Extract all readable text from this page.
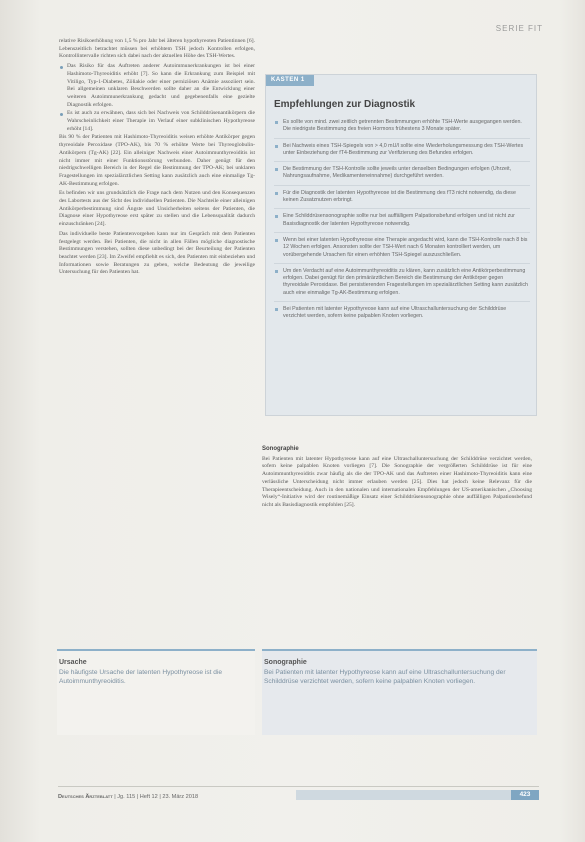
SERIE FIT

relative Risikoerhöhung von 1,5 % pro Jahr bei älteren hypothyreoten Patientinnen [6]. Lebenszeitlich betrachtet müssen bei erhöhtem TSH jedoch Kontrollen erfolgen, Kontrollintervalle richten sich dabei nach der aktuellen Höhe des TSH-Wertes.

Das Risiko für das Auftreten anderer Autoimmunerkrankungen ist bei einer Hashimoto-Thyreoiditis erhöht [7]. So kann die Erkrankung zum Beispiel mit Vitiligo, Typ-1-Diabetes, Zöliakie oder einer perniziösen Anämie assoziiert sein. Bei allgemeinen unklaren Beschwerden sollte daher an die Entwicklung einer weiteren Autoimmunerkrankung gedacht und gegebenenfalls eine gezielte Diagnostik erfolgen.
Es ist auch zu erwähnen, dass sich bei Nachweis von Schilddrüsenantikörpern die Wahrscheinlichkeit einer Therapie im Verlauf einer subklinischen Hypothyreose erhöht [14].

Bis 90 % der Patienten mit Hashimoto-Thyreoiditis weisen erhöhte Antikörper gegen thyreoidale Peroxidase (TPO-AK), bis 70 % erhöhte Werte bei Thyreoglobulin-Antikörpern (Tg-AK) [22]. Ein alleiniger Nachweis einer Autoimmunthyreoiditis ist nicht immer mit einer Funktionsstörung verbunden. Daher genügt für den niedrigschwelligen Bereich in der Regel die Bestimmung der TPO-AK; bei unklaren Fragestellungen im spezialärztlichen Setting kann zusätzlich auch eine einmalige Tg-AK-Bestimmung erfolgen.

Es befinden wir uns grundsätzlich die Frage nach dem Nutzen und den Konsequenzen des Labortests aus der Sicht des individuellen Patienten. Die Nachteile einer alleinigen Antikörperbestimmung sind Ängste und Unsicherheiten seitens der Patienten, die Diagnose einer Hypothyreose erst später zu stellen und die Lebensqualität dadurch einzuschränken [24].

Das individuelle beste Patientenvorgehen kann nur im Gespräch mit dem Patienten festgelegt werden. Bei Patienten, die nicht in allen Fällen mögliche diagnostische Bestimmungen verstehen, sollten diese unbedingt bei der Beurteilung der Patienten beachtet werden [23]. Im Zweifel empfiehlt es sich, den Patienten mit einbeziehen und Informationen sowie Beratungen zu geben, welche Bedeutung die jeweilige Untersuchung für den Patienten hat.

KASTEN 1
Empfehlungen zur Diagnostik
Es sollte von mind. zwei zeitlich getrennten Bestimmungen erhöhte TSH-Werte ausgegangen werden. Die niedrigste Bestimmung des freien Hormons frühestens 3 Monate später.
Bei Nachweis eines TSH-Spiegels von > 4,0 mU/l sollte eine Wiederholungsmessung des TSH-Wertes unter Einbeziehung der fT4-Bestimmung zur Verifizierung des Befundes erfolgen.
Die Bestimmung der TSH-Kontrolle sollte jeweils unter denselben Bedingungen erfolgen (Uhrzeit, Nahrungsaufnahme, Medikamenteneinnahme) durchgeführt werden.
Für die Diagnostik der latenten Hypothyreose ist die Bestimmung des fT3 nicht notwendig, da diese keinen Zusatznutzen erbringt.
Eine Schilddrüsensonographie sollte nur bei auffälligem Palpationsbefund erfolgen und ist nicht zur Basisdiagnostik der latenten Hypothyreose notwendig.
Wenn bei einer latenten Hypothyreose eine Therapie angedacht wird, kann die TSH-Kontrolle nach 8 bis 12 Wochen erfolgen. Ansonsten sollte der TSH-Wert nach 6 Monaten kontrolliert werden, um vorübergehende Ursachen für einen erhöhten TSH-Spiegel auszuschließen.
Um den Verdacht auf eine Autoimmunthyreoiditis zu klären, kann zusätzlich eine Antikörperbestimmung erfolgen. Dabei genügt für den primärärztlichen Bereich die Bestimmung der Antikörper gegen thyreoidale Peroxidase. Bei persistierenden Fragestellungen im spezialärztlichen Setting kann zusätzlich auch eine einmalige Tg-AK-Bestimmung erfolgen.
Bei Patienten mit latenter Hypothyreose kann auf eine Ultraschalluntersuchung der Schilddrüse verzichtet werden, sofern keine palpablen Knoten vorliegen.
Sonographie

Bei Patienten mit latenter Hypothyreose kann auf eine Ultraschalluntersuchung der Schilddrüse verzichtet werden, sofern keine palpablen Knoten vorliegen [7]. Die Sonographie der vergrößerten Schilddrüse ist für eine Autoimmunthyreoiditis zwar häufig als die der TPO-AK und das Auftreten einer Hashimoto-Thyreoiditis kann eine verlässliche Unterscheidung nicht immer erlauben werden [25]. Dies hat jedoch keine Relevanz für die Therapieentscheidung. Auch in den nationalen und internationalen Empfehlungen der US-amerikanischen „Choosing Wisely“-Initiative wird der routinemäßige Einsatz einer Schilddrüsensonographie ohne auffälligen Palpationsbefund nicht als Basisdiagnostik empfohlen [25].

Ursache

Die häufigste Ursache der latenten Hypothyreose ist die Autoimmunthyreoiditis.

Sonographie

Bei Patienten mit latenter Hypothyreose kann auf eine Ultraschalluntersuchung der Schilddrüse verzichtet werden, sofern keine palpablen Knoten vorliegen.

Deutsches Ärzteblatt | Jg. 115 | Heft 12 | 23. März 2018	423
